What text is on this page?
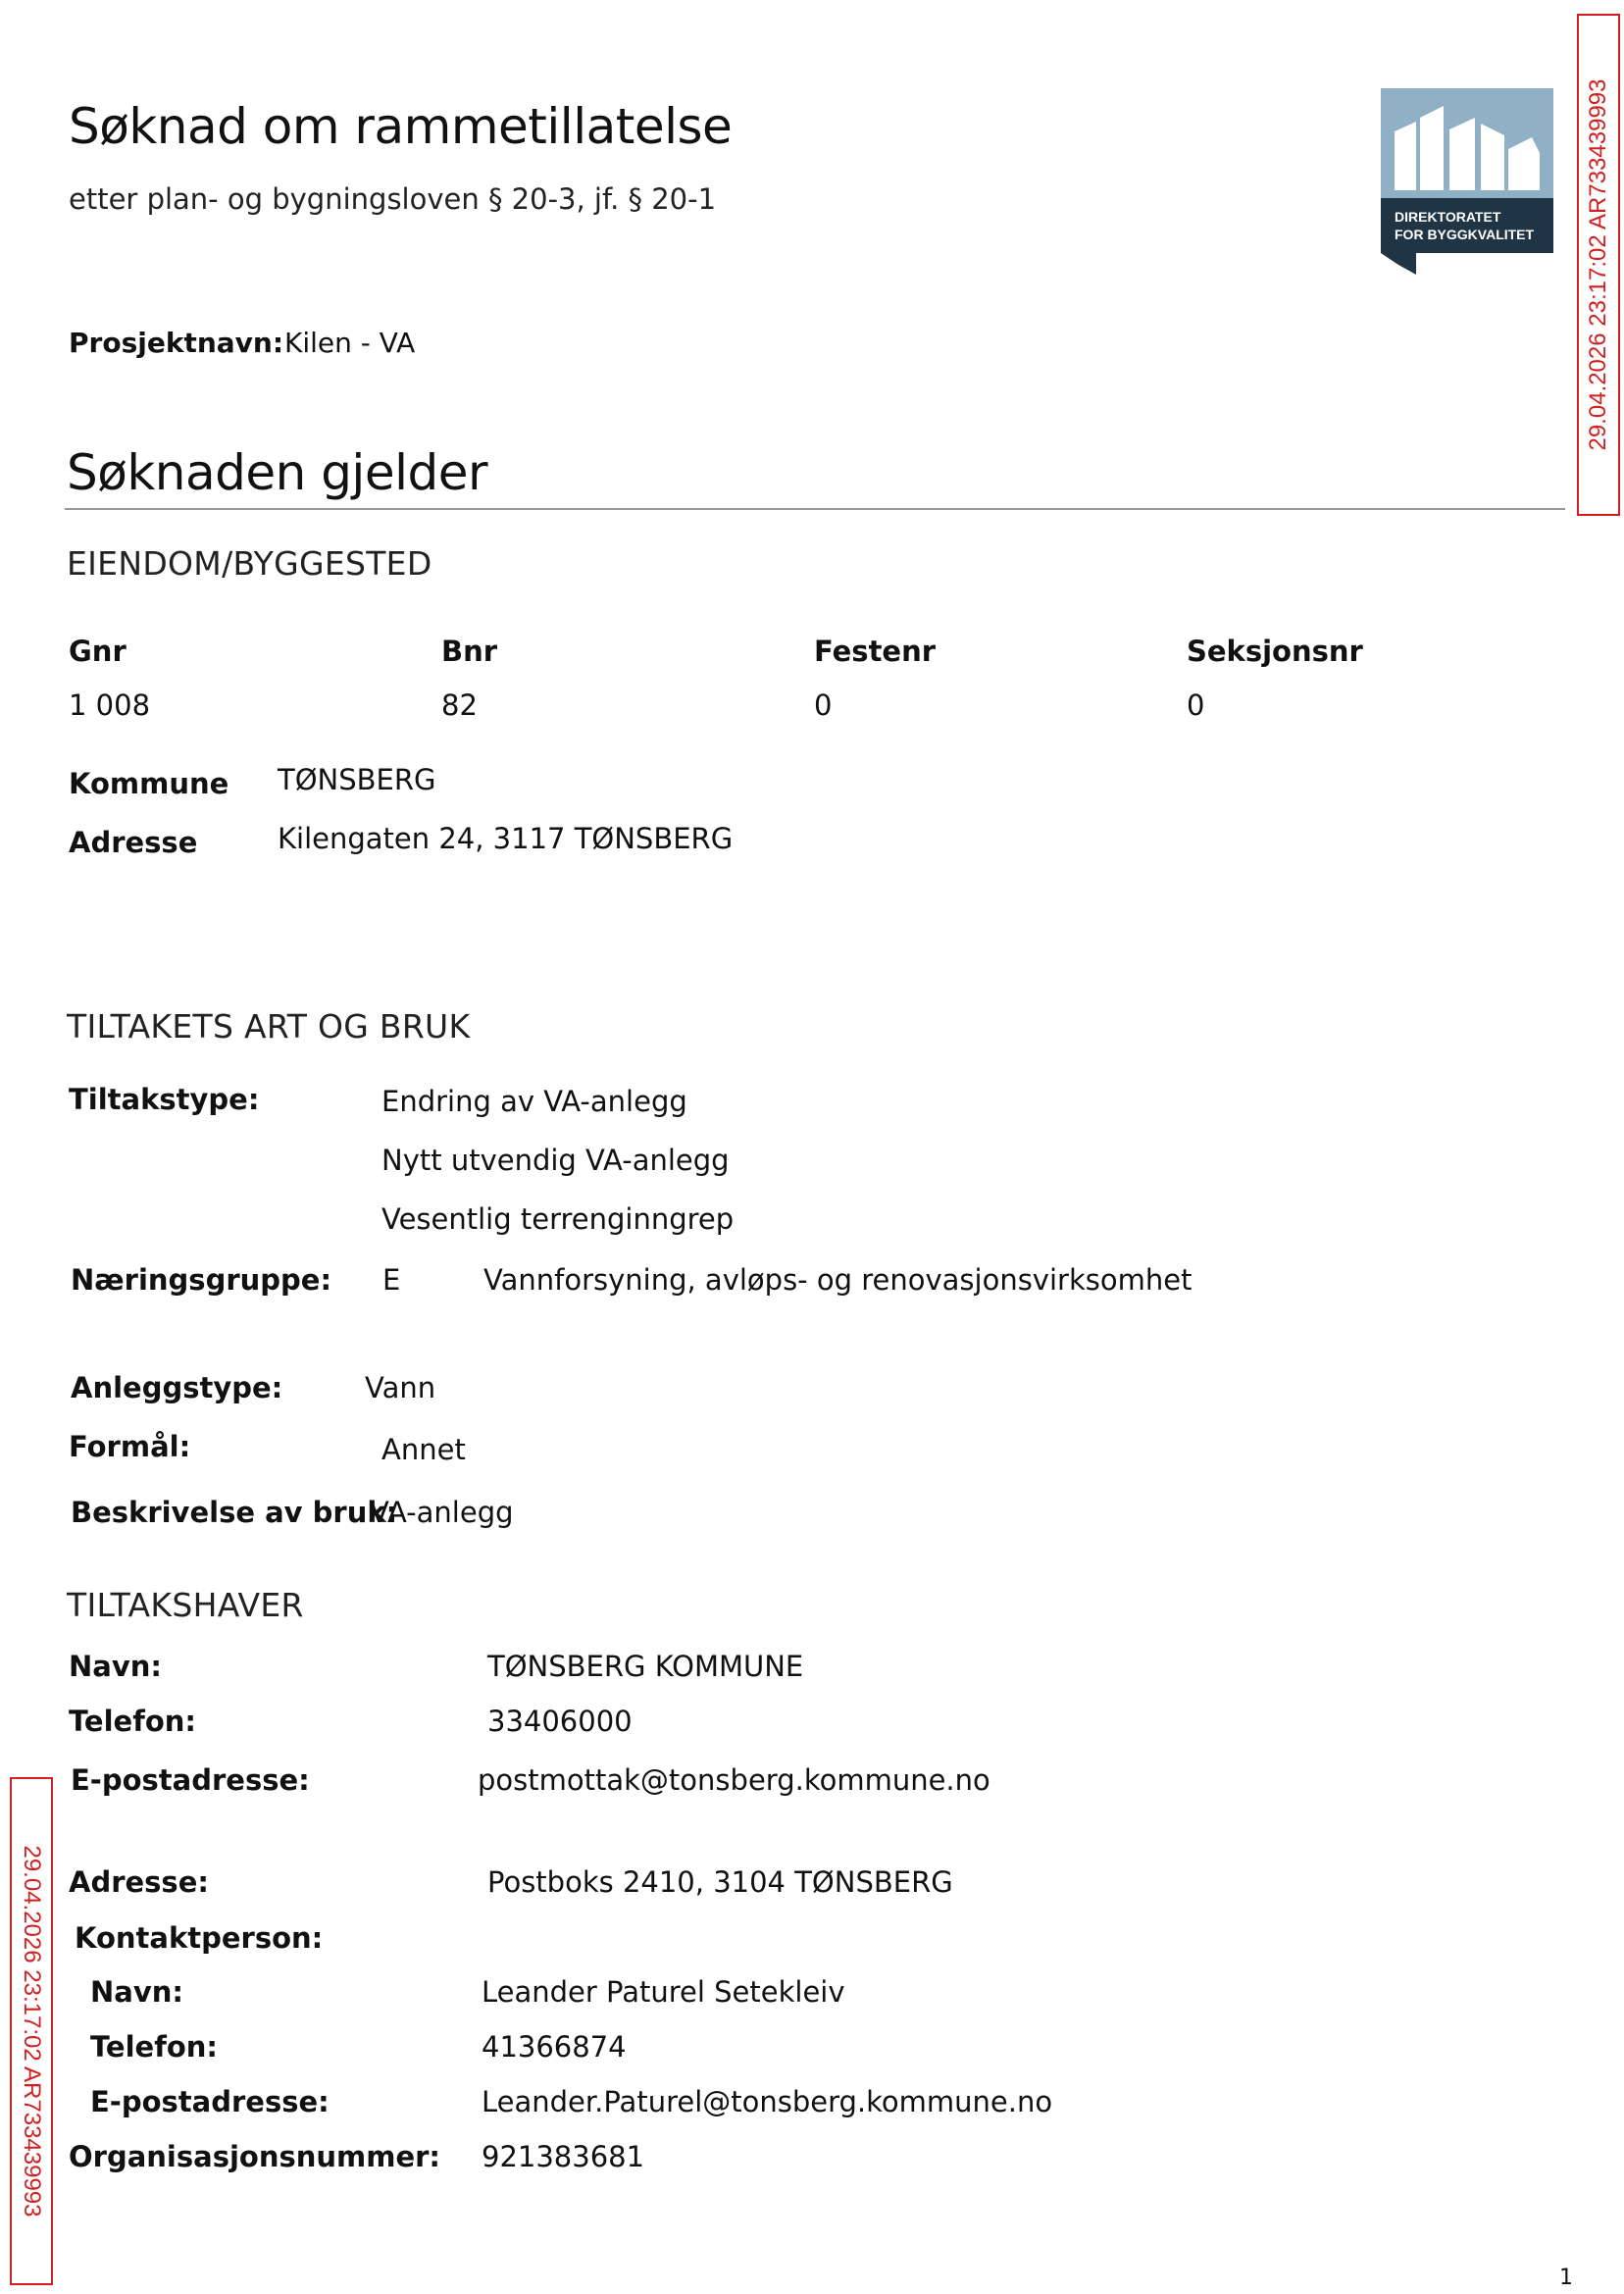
Søknad om rammetillatelse
etter plan- og bygningsloven § 20-3, jf. § 20-1
DIREKTORATET
FOR BYGGKVALITET
Prosjektnavn: Kilen - VA
Søknaden gjelder
EIENDOM/BYGGESTED
Gnr	Bnr	Festenr	Seksjonsnr
1 008	82	0	0
Kommune TØNSBERG
Adresse	Kilengaten 24, 3117 TØNSBERG
TILTAKETS ART OG BRUK
Tiltakstype:	Endring av VA-anlegg
Nytt utvendig VA-anlegg
Vesentlig terrenginngrep
Næringsgruppe: E	Vannforsyning, avløps- og renovasjonsvirksomhet
Anleggstype:	Vann
Formål:	Annet
Beskrivelse av bruk:
VA-anlegg
TILTAKSHAVER
Navn:	TØNSBERG KOMMUNE
Telefon:	33406000
E-postadresse:	postmottak@tonsberg.kommune.no
Adresse:	Postboks 2410, 3104 TØNSBERG
Kontaktperson:
Navn:	Leander Paturel Setekleiv
Telefon:	41366874
E-postadresse:	Leander.Paturel@tonsberg.kommune.no
Organisasjonsnummer: 921383681
29.04.2026 23:17:02 AR733439993
29.04.2026 23:17:02 AR733439993
1
